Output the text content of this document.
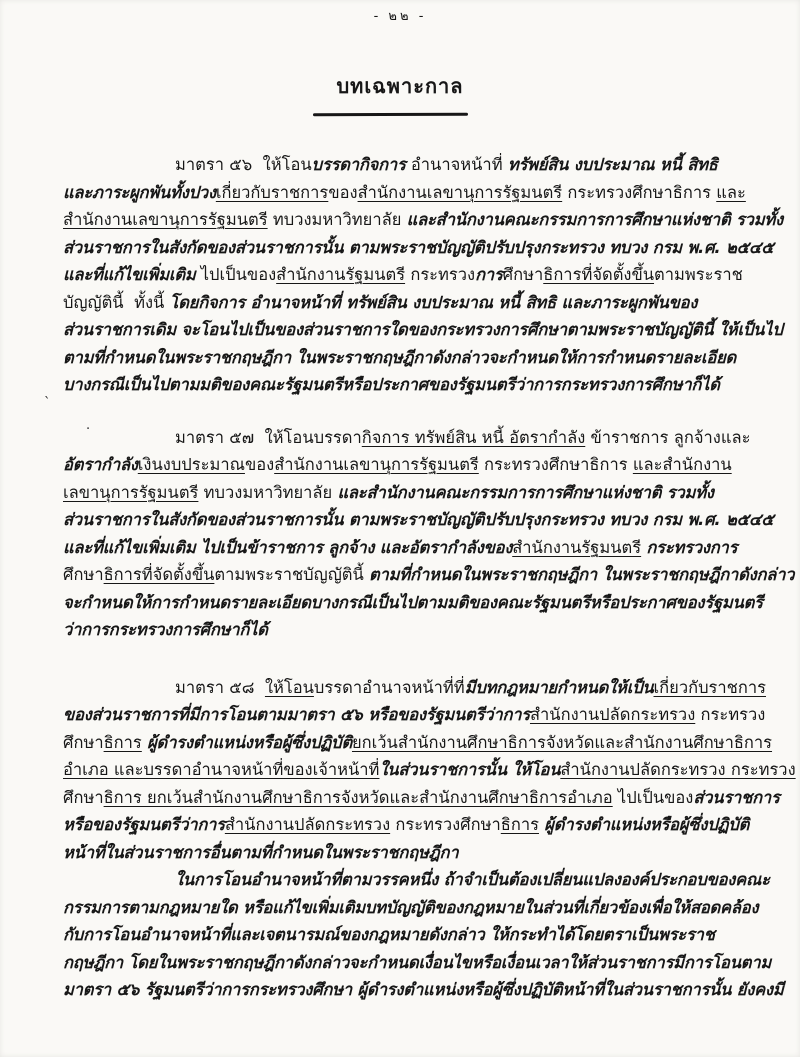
- ๒๒ -
บทเฉพาะกาล
มาตรา ๕๖  ให้โอนบรรดากิจการ อำนาจหน้าที่ ทรัพย์สิน งบประมาณ หนี้ สิทธิ
และภาระผูกพันทั้งปวงเกี่ยวกับราชการของสำนักงานเลขานุการรัฐมนตรี กระทรวงศึกษาธิการ และ
สำนักงานเลขานุการรัฐมนตรี ทบวงมหาวิทยาลัย และสำนักงานคณะกรรมการการศึกษาแห่งชาติ รวมทั้ง
ส่วนราชการในสังกัดของส่วนราชการนั้น ตามพระราชบัญญัติปรับปรุงกระทรวง ทบวง กรม พ.ศ. ๒๕๔๕
และที่แก้ไขเพิ่มเติม ไปเป็นของสำนักงานรัฐมนตรี กระทรวงการศึกษาธิการที่จัดตั้งขึ้นตามพระราช
บัญญัตินี้  ทั้งนี้ โดยกิจการ อำนาจหน้าที่ ทรัพย์สิน งบประมาณ หนี้ สิทธิ และภาระผูกพันของ
ส่วนราชการเดิม จะโอนไปเป็นของส่วนราชการใดของกระทรวงการศึกษาตามพระราชบัญญัตินี้ ให้เป็นไป
ตามที่กำหนดในพระราชกฤษฎีกา ในพระราชกฤษฎีกาดังกล่าวจะกำหนดให้การกำหนดรายละเอียด
บางกรณีเป็นไปตามมติของคณะรัฐมนตรีหรือประกาศของรัฐมนตรีว่าการกระทรวงการศึกษาก็ได้
มาตรา ๕๗  ให้โอนบรรดากิจการ ทรัพย์สิน หนี้ อัตรากำลัง ข้าราชการ ลูกจ้างและ
อัตรากำลังเงินงบประมาณของสำนักงานเลขานุการรัฐมนตรี กระทรวงศึกษาธิการ และสำนักงาน
เลขานุการรัฐมนตรี ทบวงมหาวิทยาลัย และสำนักงานคณะกรรมการการศึกษาแห่งชาติ รวมทั้ง
ส่วนราชการในสังกัดของส่วนราชการนั้น ตามพระราชบัญญัติปรับปรุงกระทรวง ทบวง กรม พ.ศ. ๒๕๔๕
และที่แก้ไขเพิ่มเติม ไปเป็นข้าราชการ ลูกจ้าง และอัตรากำลังของสำนักงานรัฐมนตรี กระทรวงการ
ศึกษาธิการที่จัดตั้งขึ้นตามพระราชบัญญัตินี้ ตามที่กำหนดในพระราชกฤษฎีกา ในพระราชกฤษฎีกาดังกล่าว
จะกำหนดให้การกำหนดรายละเอียดบางกรณีเป็นไปตามมติของคณะรัฐมนตรีหรือประกาศของรัฐมนตรี
ว่าการกระทรวงการศึกษาก็ได้
มาตรา ๕๘  ให้โอนบรรดาอำนาจหน้าที่ที่มีบทกฎหมายกำหนดให้เป็นเกี่ยวกับราชการ
ของส่วนราชการที่มีการโอนตามมาตรา ๕๖ หรือของรัฐมนตรีว่าการสำนักงานปลัดกระทรวง กระทรวง
ศึกษาธิการ ผู้ดำรงตำแหน่งหรือผู้ซึ่งปฏิบัติยกเว้นสำนักงานศึกษาธิการจังหวัดและสำนักงานศึกษาธิการ
อำเภอ และบรรดาอำนาจหน้าที่ของเจ้าหน้าที่ในส่วนราชการนั้น ให้โอนสำนักงานปลัดกระทรวง กระทรวง
ศึกษาธิการ ยกเว้นสำนักงานศึกษาธิการจังหวัดและสำนักงานศึกษาธิการอำเภอ ไปเป็นของส่วนราชการ
หรือของรัฐมนตรีว่าการสำนักงานปลัดกระทรวง กระทรวงศึกษาธิการ ผู้ดำรงตำแหน่งหรือผู้ซึ่งปฏิบัติ
หน้าที่ในส่วนราชการอื่นตามที่กำหนดในพระราชกฤษฎีกา
ในการโอนอำนาจหน้าที่ตามวรรคหนึ่ง ถ้าจำเป็นต้องเปลี่ยนแปลงองค์ประกอบของคณะ
กรรมการตามกฎหมายใด หรือแก้ไขเพิ่มเติมบทบัญญัติของกฎหมายในส่วนที่เกี่ยวข้องเพื่อให้สอดคล้อง
กับการโอนอำนาจหน้าที่และเจตนารมณ์ของกฎหมายดังกล่าว ให้กระทำได้โดยตราเป็นพระราช
กฤษฎีกา โดยในพระราชกฤษฎีกาดังกล่าวจะกำหนดเงื่อนไขหรือเงื่อนเวลาให้ส่วนราชการมีการโอนตาม
มาตรา ๕๖ รัฐมนตรีว่าการกระทรวงศึกษา ผู้ดำรงตำแหน่งหรือผู้ซึ่งปฏิบัติหน้าที่ในส่วนราชการนั้น ยังคงมี
`
.
